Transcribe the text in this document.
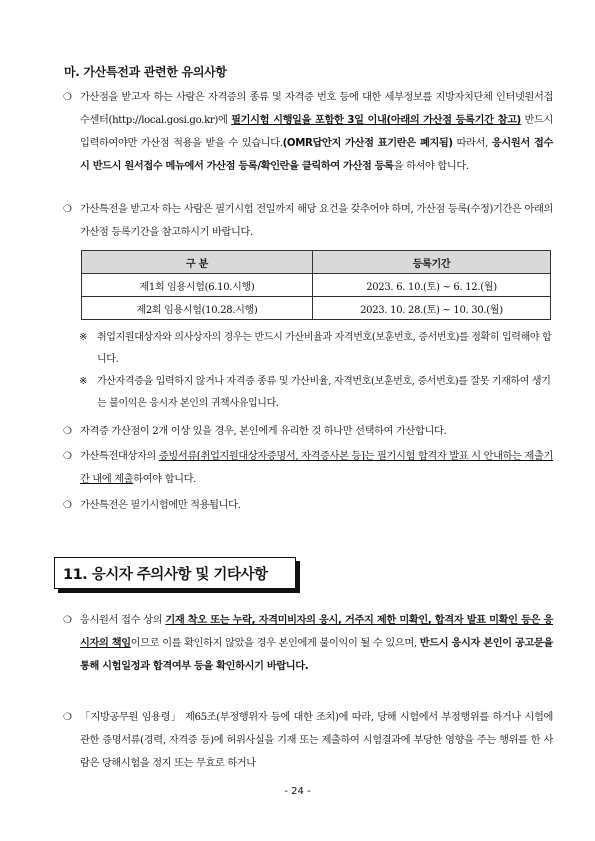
마. 가산특전과 관련한 유의사항
❍ 가산점을 받고자 하는 사람은 자격증의 종류 및 자격증 번호 등에 대한 세부정보를 지방자치단체 인터넷원서접수센터(http://local.gosi.go.kr)에 필기시험 시행일을 포함한 3일 이내(아래의 가산점 등록기간 참고) 반드시 입력하여야만 가산점 적용을 받을 수 있습니다.(OMR답안지 가산점 표기란은 폐지됨) 따라서, 응시원서 접수 시 반드시 원서접수 메뉴에서 가산점 등록/확인란을 클릭하여 가산점 등록을 하셔야 합니다.
❍ 가산특전을 받고자 하는 사람은 필기시험 전일까지 해당 요건을 갖추어야 하며, 가산점 등록(수정)기간은 아래의 가산점 등록기간을 참고하시기 바랍니다.
구 분	등록기간
제1회 임용시험(6.10.시행)	2023. 6. 10.(토) ~ 6. 12.(월)
제2회 임용시험(10.28.시행)	2023. 10. 28.(토) ~ 10. 30.(월)
※ 취업지원대상자와 의사상자의 경우는 반드시 가산비율과 자격번호(보훈번호, 증서번호)를 정확히 입력해야 합니다.
※ 가산자격증을 입력하지 않거나 자격증 종류 및 가산비율, 자격번호(보훈번호, 증서번호)를 잘못 기재하여 생기는 불이익은 응시자 본인의 귀책사유입니다.
❍ 자격증 가산점이 2개 이상 있을 경우, 본인에게 유리한 것 하나만 선택하여 가산합니다.
❍ 가산특전대상자의 증빙서류[취업지원대상자증명서, 자격증사본 등]는 필기시험 합격자 발표 시 안내하는 제출기간 내에 제출하여야 합니다.
❍ 가산특전은 필기시험에만 적용됩니다.
11. 응시자 주의사항 및 기타사항
❍ 응시원서 접수 상의 기재 착오 또는 누락, 자격미비자의 응시, 거주지 제한 미확인, 합격자 발표 미확인 등은 응시자의 책임이므로 이를 확인하지 않았을 경우 본인에게 불이익이 될 수 있으며, 반드시 응시자 본인이 공고문을 통해 시험일정과 합격여부 등을 확인하시기 바랍니다.
❍ 「지방공무원 임용령」 제65조(부정행위자 등에 대한 조치)에 따라, 당해 시험에서 부정행위를 하거나 시험에 관한 증명서류(경력, 자격증 등)에 허위사실을 기재 또는 제출하여 시험결과에 부당한 영향을 주는 행위를 한 사람은 당해시험을 정지 또는 무효로 하거나
- 24 -
